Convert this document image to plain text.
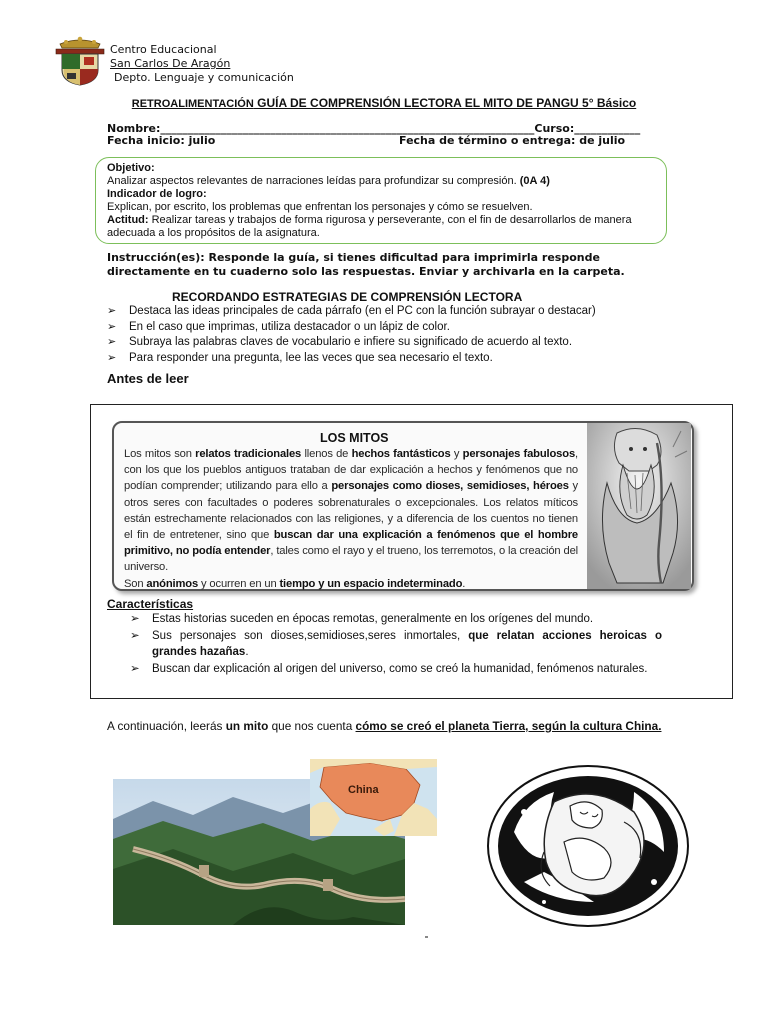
Centro Educacional
San Carlos De Aragón
Depto. Lenguaje y comunicación
RETROALIMENTACIÓN GUÍA DE COMPRENSIÓN LECTORA EL MITO DE PANGU 5° Básico
Nombre:____________________________________________________________________Curso:____________
Fecha inicio: julio	Fecha de término o entrega: de julio
Objetivo:
Analizar aspectos relevantes de narraciones leídas para profundizar su compresión. (0A 4)
Indicador de logro:
Explican, por escrito, los problemas que enfrentan los personajes y cómo se resuelven.
Actitud: Realizar tareas y trabajos de forma rigurosa y perseverante, con el fin de desarrollarlos de manera adecuada a los propósitos de la asignatura.
Instrucción(es): Responde la guía, si tienes dificultad para imprimirla responde directamente en tu cuaderno solo las respuestas. Enviar y archivarla en la carpeta.
RECORDANDO ESTRATEGIAS DE COMPRENSIÓN LECTORA
➢ Destaca las ideas principales de cada párrafo (en el PC con la función subrayar o destacar)
➢ En el caso que imprimas, utiliza destacador o un lápiz de color.
➢ Subraya las palabras claves de vocabulario e infiere su significado de acuerdo al texto.
➢ Para responder una pregunta, lee las veces que sea necesario el texto.
Antes de leer
LOS MITOS
Los mitos son relatos tradicionales llenos de hechos fantásticos y personajes fabulosos, con los que los pueblos antiguos trataban de dar explicación a hechos y fenómenos que no podían comprender; utilizando para ello a personajes como dioses, semidioses, héroes y otros seres con facultades o poderes sobrenaturales o excepcionales. Los relatos míticos están estrechamente relacionados con las religiones, y a diferencia de los cuentos no tienen el fin de entretener, sino que buscan dar una explicación a fenómenos que el hombre primitivo, no podía entender, tales como el rayo y el trueno, los terremotos, o la creación del universo.
Son anónimos y ocurren en un tiempo y un espacio indeterminado.
Características
➢ Estas historias suceden en épocas remotas, generalmente en los orígenes del mundo.
➢ Sus personajes son dioses,semidioses,seres inmortales, que relatan acciones heroicas o grandes hazañas.
➢ Buscan dar explicación al origen del universo, como se creó la humanidad, fenómenos naturales.
A continuación, leerás un mito que nos cuenta cómo se creó el planeta Tierra, según la cultura China.
China
